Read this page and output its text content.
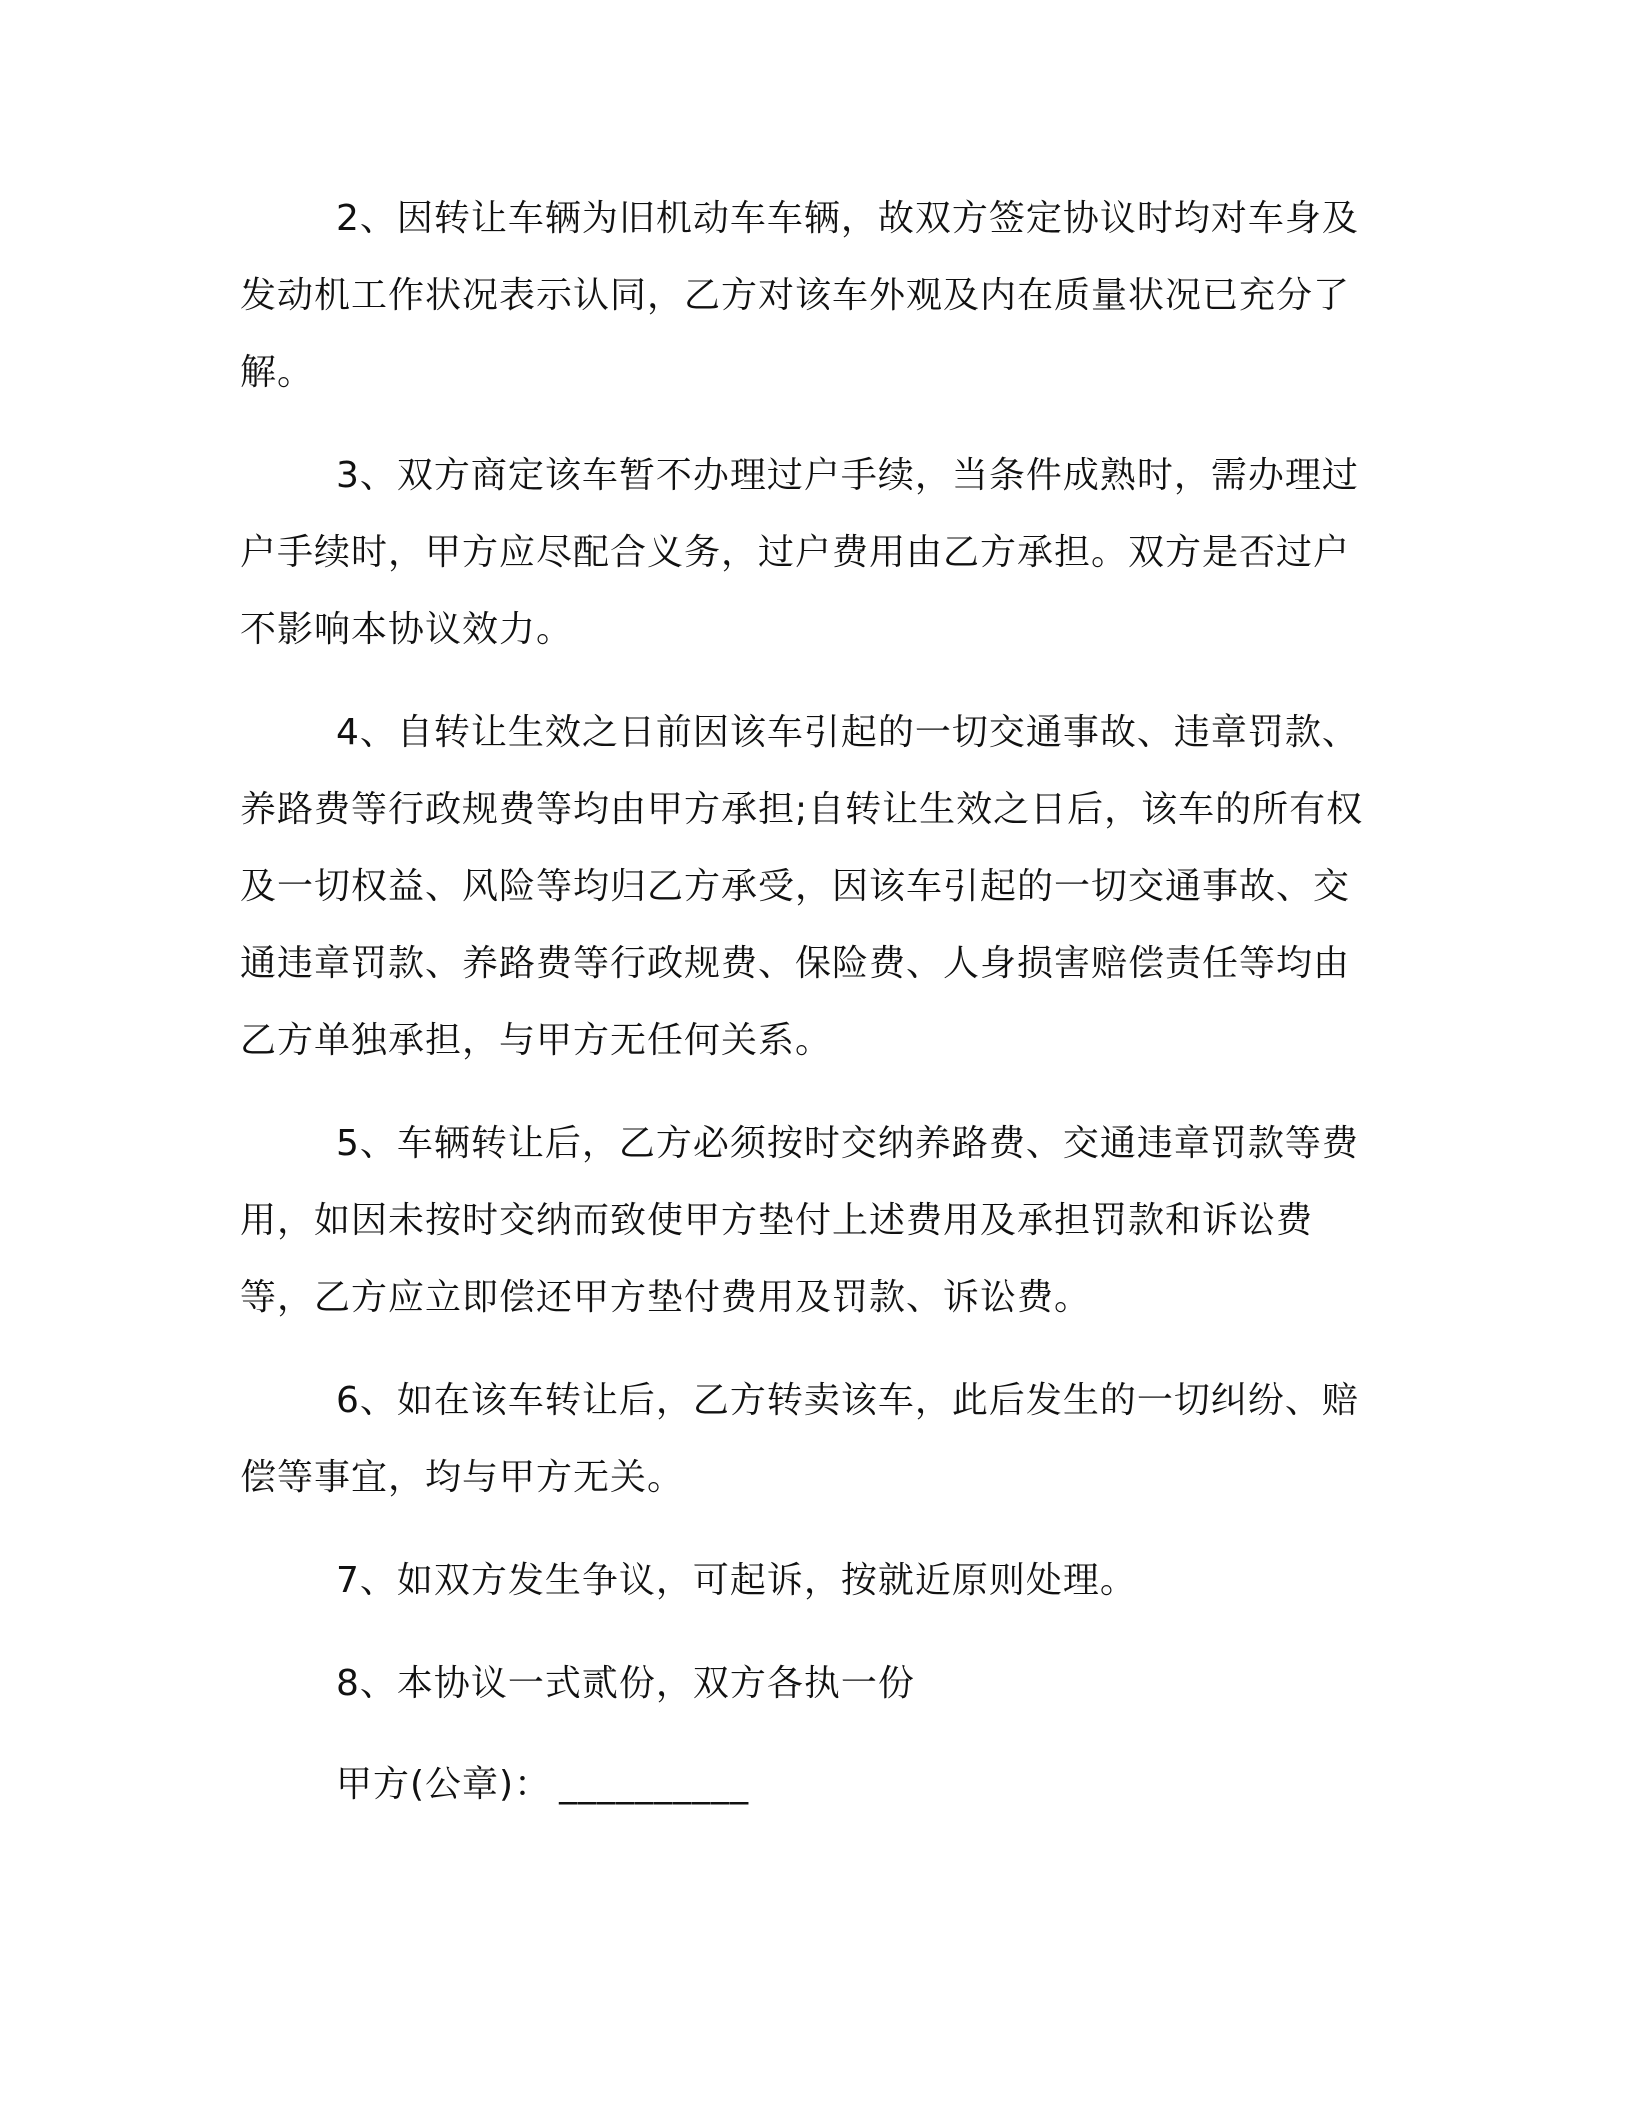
2、因转让车辆为旧机动车车辆，故双方签定协议时均对车身及发动机工作状况表示认同，乙方对该车外观及内在质量状况已充分了解。

3、双方商定该车暂不办理过户手续，当条件成熟时，需办理过户手续时，甲方应尽配合义务，过户费用由乙方承担。双方是否过户不影响本协议效力。

4、自转让生效之日前因该车引起的一切交通事故、违章罚款、养路费等行政规费等均由甲方承担;自转让生效之日后，该车的所有权及一切权益、风险等均归乙方承受，因该车引起的一切交通事故、交通违章罚款、养路费等行政规费、保险费、人身损害赔偿责任等均由乙方单独承担，与甲方无任何关系。

5、车辆转让后，乙方必须按时交纳养路费、交通违章罚款等费用，如因未按时交纳而致使甲方垫付上述费用及承担罚款和诉讼费等，乙方应立即偿还甲方垫付费用及罚款、诉讼费。

6、如在该车转让后，乙方转卖该车，此后发生的一切纠纷、赔偿等事宜，均与甲方无关。

7、如双方发生争议，可起诉，按就近原则处理。

8、本协议一式贰份，双方各执一份

甲方(公章)： __________
